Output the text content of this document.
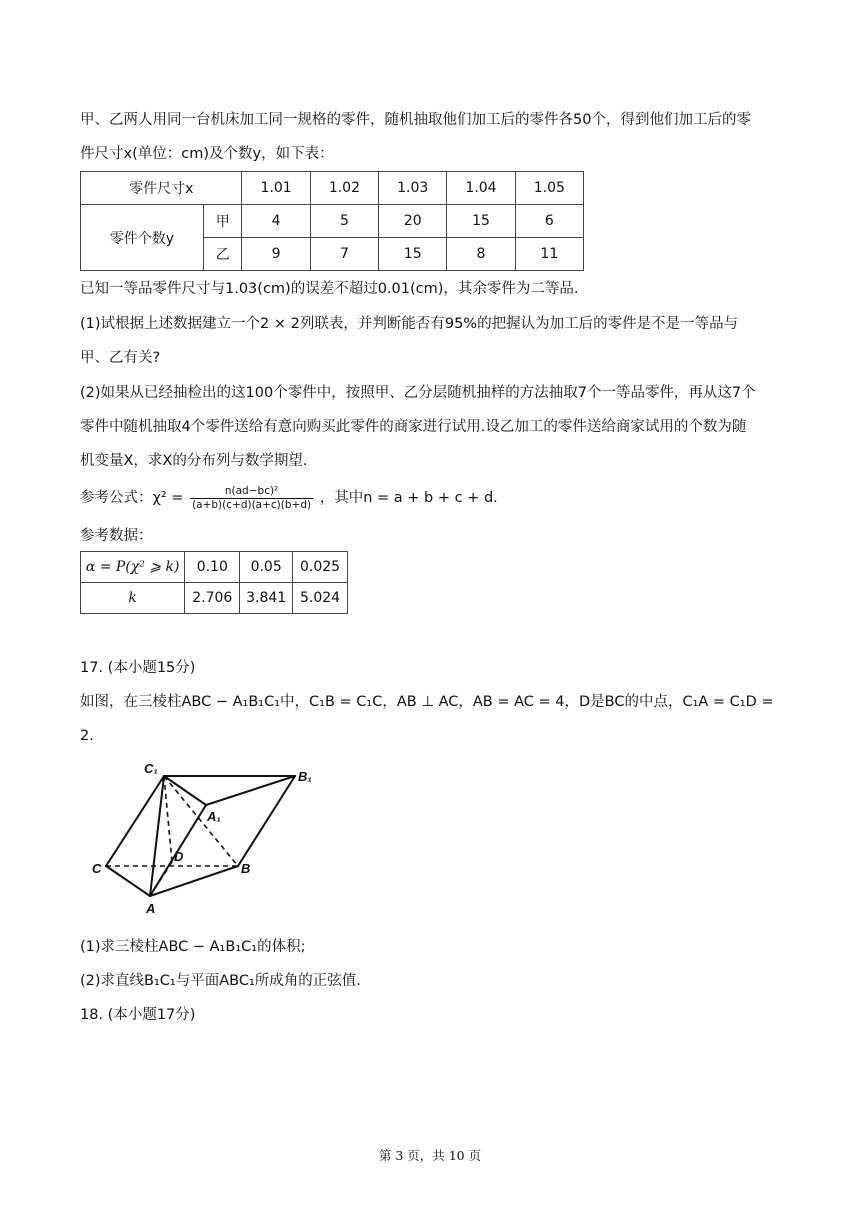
甲、乙两人用同一台机床加工同一规格的零件，随机抽取他们加工后的零件各50个，得到他们加工后的零
件尺寸x(单位：cm)及个数y，如下表：
零件尺寸x		1.01	1.02	1.03	1.04	1.05
零件个数y	甲	4	5	20	15	6
	乙	9	7	15	8	11
已知一等品零件尺寸与1.03(cm)的误差不超过0.01(cm)，其余零件为二等品.
(1)试根据上述数据建立一个2 × 2列联表，并判断能否有95%的把握认为加工后的零件是不是一等品与
甲、乙有关?
(2)如果从已经抽检出的这100个零件中，按照甲、乙分层随机抽样的方法抽取7个一等品零件，再从这7个
零件中随机抽取4个零件送给有意向购买此零件的商家进行试用.设乙加工的零件送给商家试用的个数为随
机变量X，求X的分布列与数学期望.
参考公式：$\chi^2 = \frac{\text{n(ad−bc)²}}{(a+b)(c+d)(a+c)(b+d)}$ ，其中n = a + b + c + d.
参考数据：
α = P(χ² ⩾ k)	0.10	0.05	0.025
k	2.706	3.841	5.024
17. (本小题15分)
如图，在三棱柱ABC − A₁B₁C₁中，C₁B = C₁C，AB ⊥ AC，AB = AC = 4，D是BC的中点，C₁A = C₁D =
2.
C₁
B₁
A₁
C
D
B
A
(1)求三棱柱ABC − A₁B₁C₁的体积;
(2)求直线B₁C₁与平面ABC₁所成角的正弦值.
18. (本小题17分)
第 3 页，共 10 页
